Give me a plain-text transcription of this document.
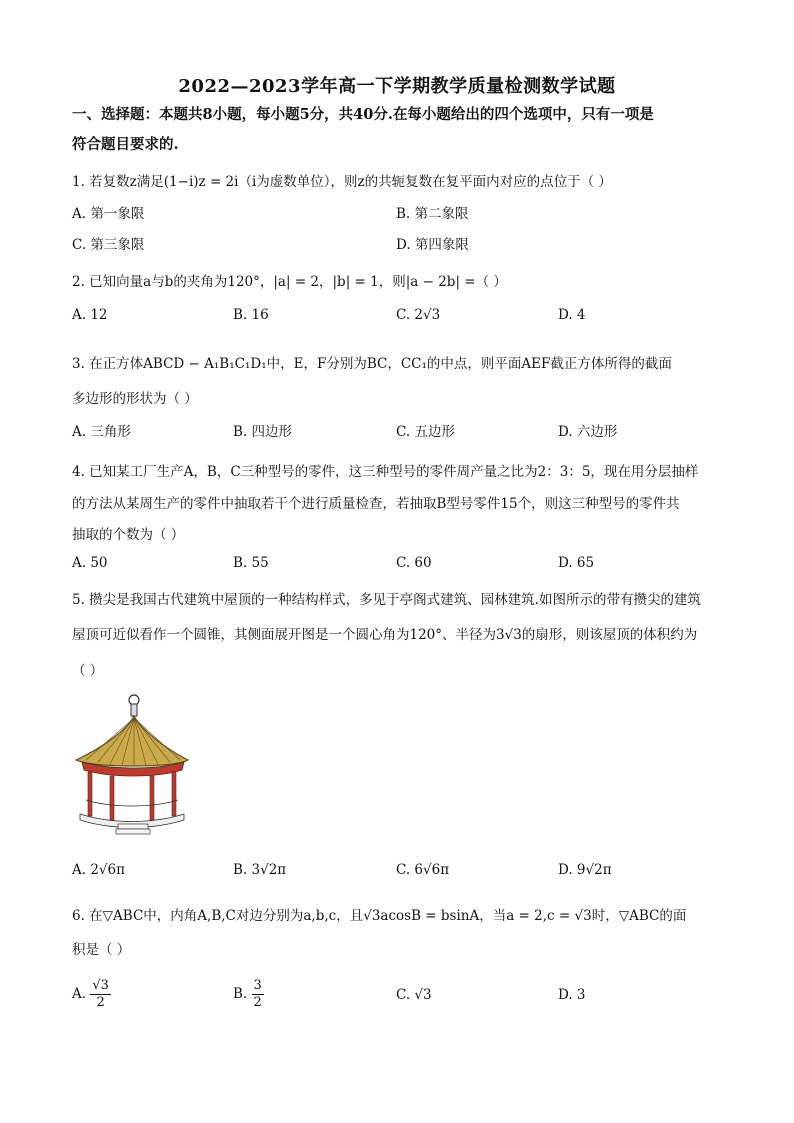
2022—2023学年高一下学期教学质量检测数学试题
一、选择题：本题共8小题，每小题5分，共40分.在每小题给出的四个选项中，只有一项是
符合题目要求的.
1. 若复数z满足(1−i)z = 2i（i为虚数单位），则z的共轭复数在复平面内对应的点位于（ ）
A. 第一象限	B. 第二象限
C. 第三象限	D. 第四象限
2. 已知向量a与b的夹角为120°，|a| = 2，|b| = 1，则|a − 2b| =（ ）
A. 12	B. 16	C. 2√3	D. 4
3. 在正方体ABCD − A₁B₁C₁D₁中，E，F分别为BC，CC₁的中点，则平面AEF截正方体所得的截面
多边形的形状为（ ）
A. 三角形	B. 四边形	C. 五边形	D. 六边形
4. 已知某工厂生产A，B，C三种型号的零件，这三种型号的零件周产量之比为2：3：5，现在用分层抽样
的方法从某周生产的零件中抽取若干个进行质量检查，若抽取B型号零件15个，则这三种型号的零件共
抽取的个数为（ ）
A. 50	B. 55	C. 60	D. 65
5. 攒尖是我国古代建筑中屋顶的一种结构样式，多见于亭阁式建筑、园林建筑.如图所示的带有攒尖的建筑
屋顶可近似看作一个圆锥，其侧面展开图是一个圆心角为120°、半径为3√3的扇形，则该屋顶的体积约为
（ ）
A. 2√6π	B. 3√2π	C. 6√6π	D. 9√2π
6. 在▽ABC中，内角A,B,C对边分别为a,b,c，且√3acosB = bsinA，当a = 2,c = √3时，▽ABC的面
积是（ ）
A. $\frac{√3}{2}$	B. $\frac{3}{2}$	C. √3	D. 3
